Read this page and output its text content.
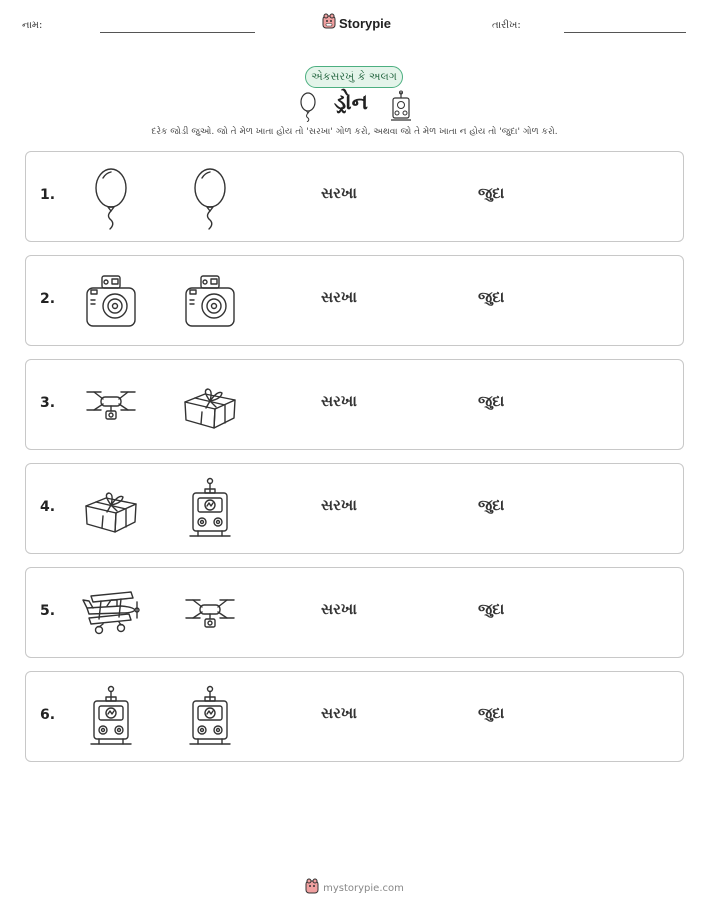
નામ:	Storypie	તારીખ:
એકસરખું કે અલગ
ડ્રોન
દરેક જોડી જુઓ. જો તે મેળ ખાતા હોય તો 'સરખા' ગોળ કરો, અથવા જો તે મેળ ખાતા ન હોય તો 'જુદા' ગોળ કરો.
1.	સરખા	જુદા
2.	સરખા	જુદા
3.	સરખા	જુદા
4.	સરખા	જુદા
5.	સરખા	જુદા
6.	સરખા	જુદા
mystorypie.com
